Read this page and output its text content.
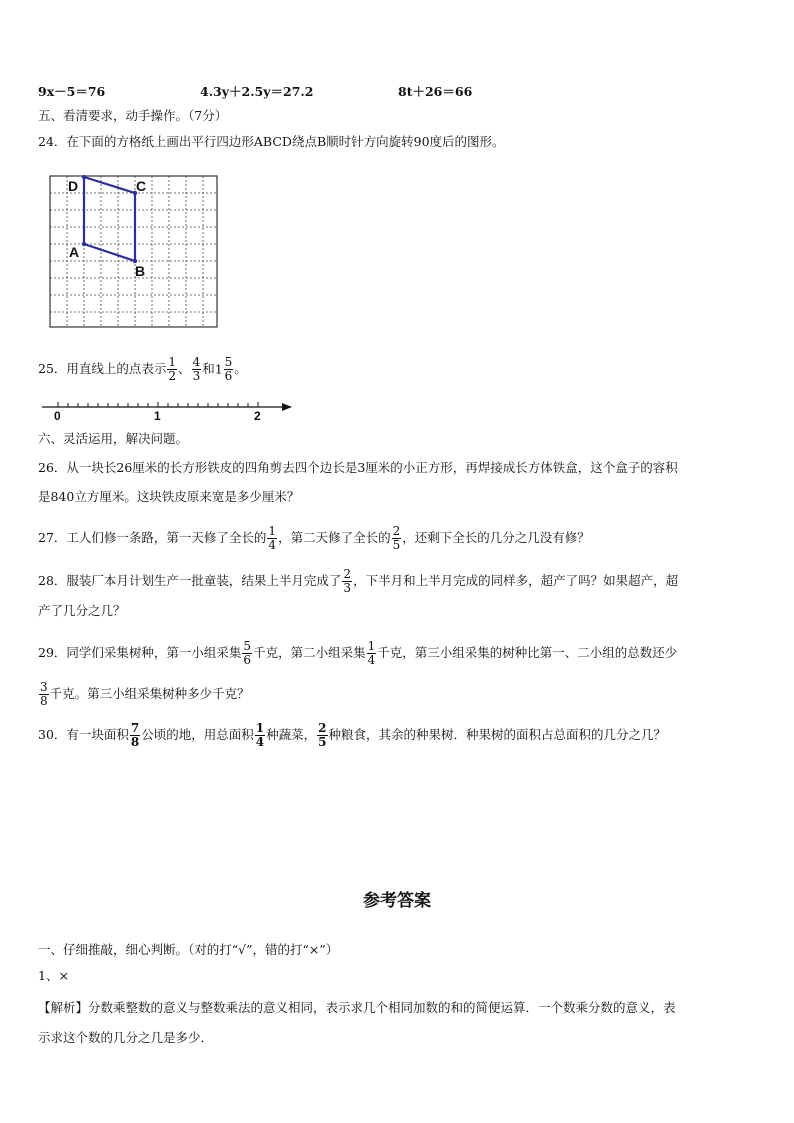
9x－5＝76	4.3y＋2.5y＝27.2	8t＋26＝66
五、看清要求，动手操作。（7分）
24．在下面的方格纸上画出平行四边形ABCD绕点B顺时针方向旋转90度后的图形。
D	C
A
B
25．用直线上的点表示 $\frac{1}{2}$ 、 $\frac{4}{3}$ 和$1 \frac{5}{6}$ 。
0	1	2
六、灵活运用，解决问题。
26．从一块长26厘米的长方形铁皮的四角剪去四个边长是3厘米的小正方形，再焊接成长方体铁盒，这个盒子的容积
是840立方厘米。这块铁皮原来宽是多少厘米？
27．工人们修一条路，第一天修了全长的 $\frac{1}{4}$ ，第二天修了全长的 $\frac{2}{5}$ ，还剩下全长的几分之几没有修？
28．服装厂本月计划生产一批童装，结果上半月完成了 $\frac{2}{3}$ ，下半月和上半月完成的同样多，超产了吗？如果超产，超
产了几分之几？
29．同学们采集树种，第一小组采集 $\frac{5}{6}$ 千克，第二小组采集 $\frac{1}{4}$ 千克，第三小组采集的树种比第一、二小组的总数还少
$\frac{3}{8}$ 千克。第三小组采集树种多少千克？
30．有一块面积 $\frac{7}{8}$ 公顷的地，用总面积 $\frac{1}{4}$ 种蔬菜， $\frac{2}{5}$ 种粮食，其余的种果树．种果树的面积占总面积的几分之几？
参考答案
一、仔细推敲，细心判断。（对的打“√”，错的打“×”）
1、×
【解析】分数乘整数的意义与整数乘法的意义相同，表示求几个相同加数的和的简便运算．一个数乘分数的意义，表
示求这个数的几分之几是多少．
